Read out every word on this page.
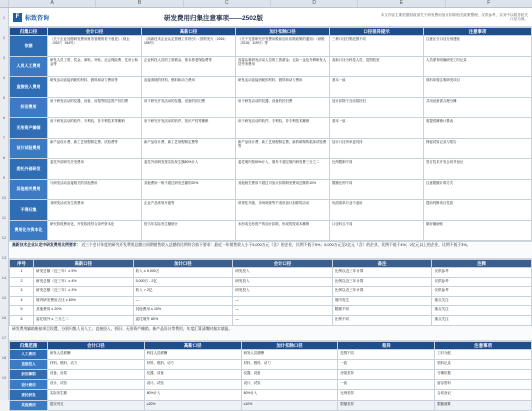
A	B	C	D	E	F
1
2
3
4
5
6
7
8
9
10
11
12
13
14
15
16
17
18
19
F 标致咨询	研发费用归集注意事项——2502版	本文内容主要依据财政部关于研发费用加计扣除相关政策整理，仅供参考，实务中以税务机关口径为准。
归集口径	会计口径	高新口径	加计扣除口径	口径差异提示	注意事项
依据	《关于企业加强研发费用财务管理的若干意见》（财企〔2007〕194号）	《高新技术企业认定管理工作指引》（国科发火〔2016〕195号）	《关于完善研究开发费用税前加计扣除政策的通知》（财税〔2015〕119号）等	三种口径归集范围不同	注意区分口径分别建账
人员人工费用	研发人员工资、奖金、津贴、补贴、社会保险费、住房公积金等	企业科技人员的工资薪金、基本养老保险费等	直接从事研发活动人员的工资薪金、五险一金及外聘研发人员劳务费用	高新口径为科技人员，范围较宽	人员需有明确研发工时记录
直接投入费用	研发活动直接消耗的材料、燃料和动力费用等	直接消耗的材料、燃料和动力费用	研发活动直接消耗的材料、燃料和动力费用	基本一致	领料单需注明研发项目
折旧费用	用于研发活动的仪器、设备、房屋等固定资产折旧费	用于研究开发活动的仪器、设备的折旧费	用于研发活动的仪器、设备的折旧费	加计扣除不含房屋折旧	共用设备需合理分摊
无形资产摊销	用于研发活动的软件、专利权、非专利技术等摊销	用于研究开发活动的软件、知识产权等摊销	用于研发活动的软件、专利权、非专利技术摊销	基本一致	需提供摊销计算表
设计试验费用	新产品设计费、新工艺规程制定费、试验费等	新产品设计费、新工艺规程制定费等	新产品设计费、新工艺规程制定费、新药研制的临床试验费等	加计口径列举更具体	保留试验记录与报告
委托外部研发	委托外部研究开发费用	委托外部研发按实际发生额80%计入	委托境内按80%计入，境外不超过境内研发费三分之二	比例限制不同	签订技术开发合同并登记
其他相关费用	与研发活动直接相关的其他费用	其他费用一般不超过研发总额的20%	其他相关费用不超过可加计扣除研发费用总额的10%	限额比例不同	注意限额计算方式
不得归集	非研发活动发生的费用	企业产品常规升级等	常规性升级、市场调查等不适用加计扣除的活动	负面清单行业不适用	提前判断项目性质
费用化与资本化	研究阶段费用化，开发阶段符合条件资本化	按当年实际发生额统计	未形成无形资产的加计扣除，形成的按成本摊销	口径时点不同	做好辅助账
高新技术企业认定中研发费用比例要求： 近三个会计年度的研究开发费用总额占同期销售收入总额的比例符合如下要求：最近一年销售收入小于5,000万元（含）的企业，比例不低于5%；5,000万元至2亿元（含）的企业，比例不低于4%；2亿元以上的企业，比例不低于3%。
序号	高新口径	加计口径	会计口径	备注	注释
1	研发总额（近三年）≥ 5%	收入 ≤ 5,000万	研发投入	比例以近三年计算	仅供参考
2	研发总额（近三年）≥ 4%	5,000万 - 2亿	研发投入	比例以近三年计算	仅供参考
3	研发总额（近三年）≥ 3%	收入 > 2亿	研发投入	比例以近三年计算	仅供参考
4	境内研发费用占比 ≥ 60%	—	—	境内发生	重点关注
5	其他费用 ≤ 20%	其他费用 ≤ 10%	—	限额不同	重点关注
6	委托境外 ≤ 三分之二	委托境外 80%	—	比例不同	重点关注
研发费用辅助账按项目设置，分别归集人员人工、直接投入、折旧、无形资产摊销、新产品设计等费用，年度汇算清缴时据实填报。
归集范围	会计口径	高新口径	加计扣除口径	差异	注意事项
人工费用	研发人员薪酬	科技人员薪酬	研发人员薪酬	范围不同	工时分配
直接投入	材料、燃料、动力	材料、燃料、动力	材料、燃料、动力	一致	领料记录
折旧摊销	设备、房屋	仪器、设备	仪器、设备	房屋差异	分摊依据
设计费用	设计、试验	设计、试验	设计、试验	一致	留存资料
委托研发	实际发生额	80%计入	80%计入	比例差异	合同登记
其他费用	据实列支	≤20%	≤10%	限额差异	限额测算
